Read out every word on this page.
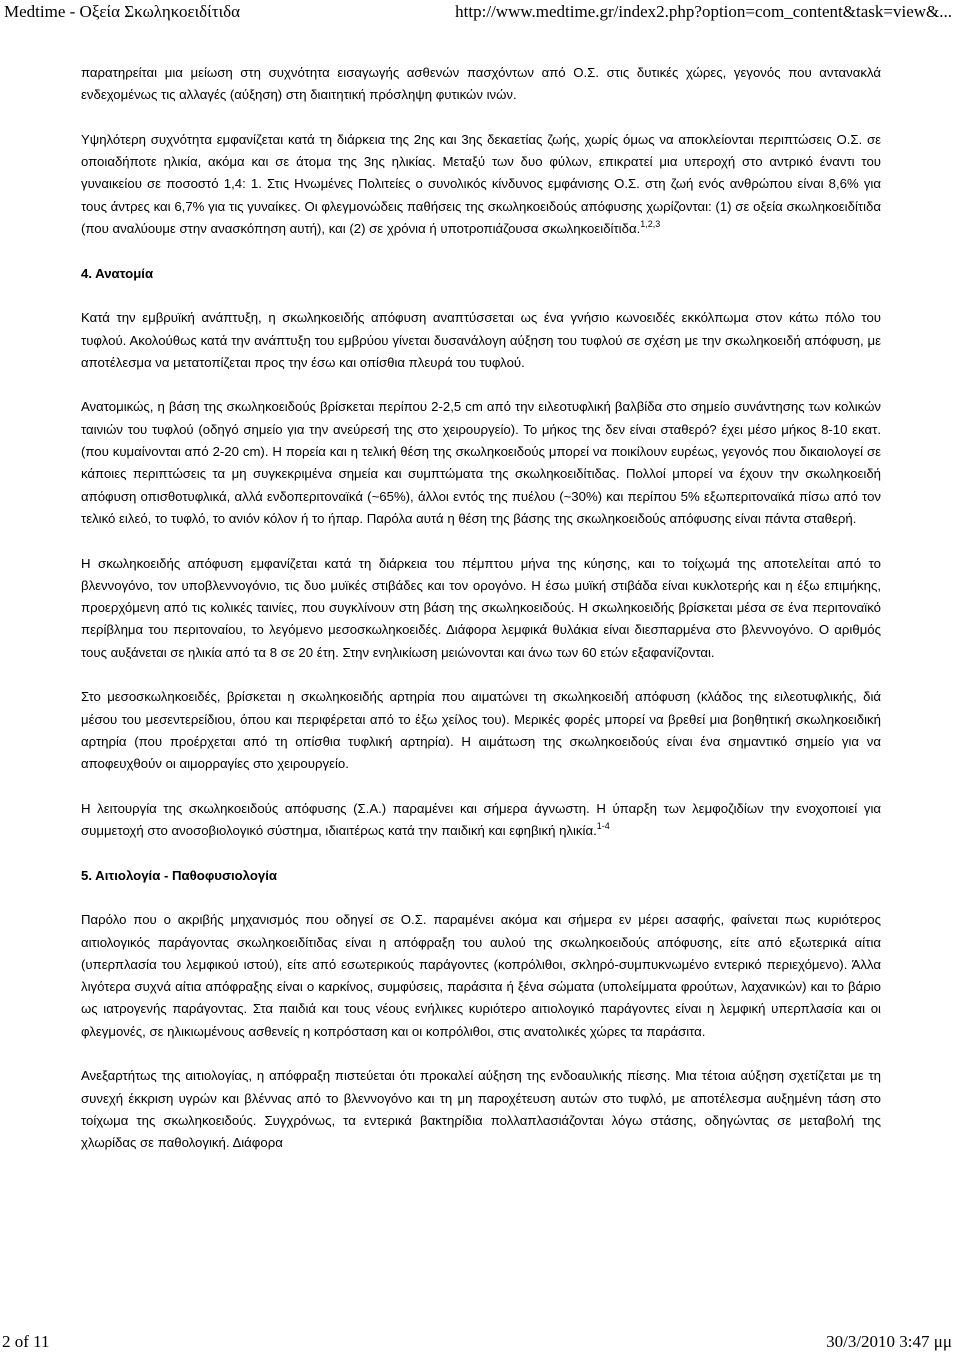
Medtime - Οξεία Σκωληκοειδίτιδα	http://www.medtime.gr/index2.php?option=com_content&task=view&...

παρατηρείται μια μείωση στη συχνότητα εισαγωγής ασθενών πασχόντων από Ο.Σ. στις δυτικές χώρες, γεγονός που αντανακλά ενδεχομένως τις αλλαγές (αύξηση) στη διαιτητική πρόσληψη φυτικών ινών.

Υψηλότερη συχνότητα εμφανίζεται κατά τη διάρκεια της 2ης και 3ης δεκαετίας ζωής, χωρίς όμως να αποκλείονται περιπτώσεις Ο.Σ. σε οποιαδήποτε ηλικία, ακόμα και σε άτομα της 3ης ηλικίας. Μεταξύ των δυο φύλων, επικρατεί μια υπεροχή στο αντρικό έναντι του γυναικείου σε ποσοστό 1,4: 1. Στις Ηνωμένες Πολιτείες ο συνολικός κίνδυνος εμφάνισης Ο.Σ. στη ζωή ενός ανθρώπου είναι 8,6% για τους άντρες και 6,7% για τις γυναίκες. Οι φλεγμονώδεις παθήσεις της σκωληκοειδούς απόφυσης χωρίζονται: (1) σε οξεία σκωληκοειδίτιδα (που αναλύουμε στην ανασκόπηση αυτή), και (2) σε χρόνια ή υποτροπιάζουσα σκωληκοειδίτιδα.$^{1,2,3}$

4. Ανατομία

Κατά την εμβρυϊκή ανάπτυξη, η σκωληκοειδής απόφυση αναπτύσσεται ως ένα γνήσιο κωνοειδές εκκόλπωμα στον κάτω πόλο του τυφλού. Ακολούθως κατά την ανάπτυξη του εμβρύου γίνεται δυσανάλογη αύξηση του τυφλού σε σχέση με την σκωληκοειδή απόφυση, με αποτέλεσμα να μετατοπίζεται προς την έσω και οπίσθια πλευρά του τυφλού.

Ανατομικώς, η βάση της σκωληκοειδούς βρίσκεται περίπου 2-2,5 cm από την ειλεοτυφλική βαλβίδα στο σημείο συνάντησης των κολικών ταινιών του τυφλού (οδηγό σημείο για την ανεύρεσή της στο χειρουργείο). Το μήκος της δεν είναι σταθερό? έχει μέσο μήκος 8-10 εκατ. (που κυμαίνονται από 2-20 cm). Η πορεία και η τελική θέση της σκωληκοειδούς μπορεί να ποικίλουν ευρέως, γεγονός που δικαιολογεί σε κάποιες περιπτώσεις τα μη συγκεκριμένα σημεία και συμπτώματα της σκωληκοειδίτιδας. Πολλοί μπορεί να έχουν την σκωληκοειδή απόφυση οπισθοτυφλικά, αλλά ενδοπεριτοναϊκά (~65%), άλλοι εντός της πυέλου (~30%) και περίπου 5% εξωπεριτοναϊκά πίσω από τον τελικό ειλεό, το τυφλό, το ανιόν κόλον ή το ήπαρ. Παρόλα αυτά η θέση της βάσης της σκωληκοειδούς απόφυσης είναι πάντα σταθερή.

Η σκωληκοειδής απόφυση εμφανίζεται κατά τη διάρκεια του πέμπτου μήνα της κύησης, και το τοίχωμά της αποτελείται από το βλεννογόνο, τον υποβλεννογόνιο, τις δυο μυϊκές στιβάδες και τον ορογόνο. Η έσω μυϊκή στιβάδα είναι κυκλοτερής και η έξω επιμήκης, προερχόμενη από τις κολικές ταινίες, που συγκλίνουν στη βάση της σκωληκοειδούς. Η σκωληκοειδής βρίσκεται μέσα σε ένα περιτοναϊκό περίβλημα του περιτοναίου, το λεγόμενο μεσοσκωληκοειδές. Διάφορα λεμφικά θυλάκια είναι διεσπαρμένα στο βλεννογόνο. Ο αριθμός τους αυξάνεται σε ηλικία από τα 8 σε 20 έτη. Στην ενηλικίωση μειώνονται και άνω των 60 ετών εξαφανίζονται.

Στο μεσοσκωληκοειδές, βρίσκεται η σκωληκοειδής αρτηρία που αιματώνει τη σκωληκοειδή απόφυση (κλάδος της ειλεοτυφλικής, διά μέσου του μεσεντερείδιου, όπου και περιφέρεται από το έξω χείλος του). Μερικές φορές μπορεί να βρεθεί μια βοηθητική σκωληκοειδική αρτηρία (που προέρχεται από τη οπίσθια τυφλική αρτηρία). Η αιμάτωση της σκωληκοειδούς είναι ένα σημαντικό σημείο για να αποφευχθούν οι αιμορραγίες στο χειρουργείο.

Η λειτουργία της σκωληκοειδούς απόφυσης (Σ.Α.) παραμένει και σήμερα άγνωστη. Η ύπαρξη των λεμφοζιδίων την ενοχοποιεί για συμμετοχή στο ανοσοβιολογικό σύστημα, ιδιαιτέρως κατά την παιδική και εφηβική ηλικία.$^{1-4}$

5. Αιτιολογία - Παθοφυσιολογία

Παρόλο που ο ακριβής μηχανισμός που οδηγεί σε Ο.Σ. παραμένει ακόμα και σήμερα εν μέρει ασαφής, φαίνεται πως κυριότερος αιτιολογικός παράγοντας σκωληκοειδίτιδας είναι η απόφραξη του αυλού της σκωληκοειδούς απόφυσης, είτε από εξωτερικά αίτια (υπερπλασία του λεμφικού ιστού), είτε από εσωτερικούς παράγοντες (κοπρόλιθοι, σκληρό-συμπυκνωμένο εντερικό περιεχόμενο). Άλλα λιγότερα συχνά αίτια απόφραξης είναι ο καρκίνος, συμφύσεις, παράσιτα ή ξένα σώματα (υπολείμματα φρούτων, λαχανικών) και το βάριο ως ιατρογενής παράγοντας. Στα παιδιά και τους νέους ενήλικες κυριότερο αιτιολογικό παράγοντες είναι η λεμφική υπερπλασία και οι φλεγμονές, σε ηλικιωμένους ασθενείς η κοπρόσταση και οι κοπρόλιθοι, στις ανατολικές χώρες τα παράσιτα.

Ανεξαρτήτως της αιτιολογίας, η απόφραξη πιστεύεται ότι προκαλεί αύξηση της ενδοαυλικής πίεσης. Μια τέτοια αύξηση σχετίζεται με τη συνεχή έκκριση υγρών και βλέννας από το βλεννογόνο και τη μη παροχέτευση αυτών στο τυφλό, με αποτέλεσμα αυξημένη τάση στο τοίχωμα της σκωληκοειδούς. Συγχρόνως, τα εντερικά βακτηρίδια πολλαπλασιάζονται λόγω στάσης, οδηγώντας σε μεταβολή της χλωρίδας σε παθολογική. Διάφορα

2 of 11	30/3/2010 3:47 μμ
